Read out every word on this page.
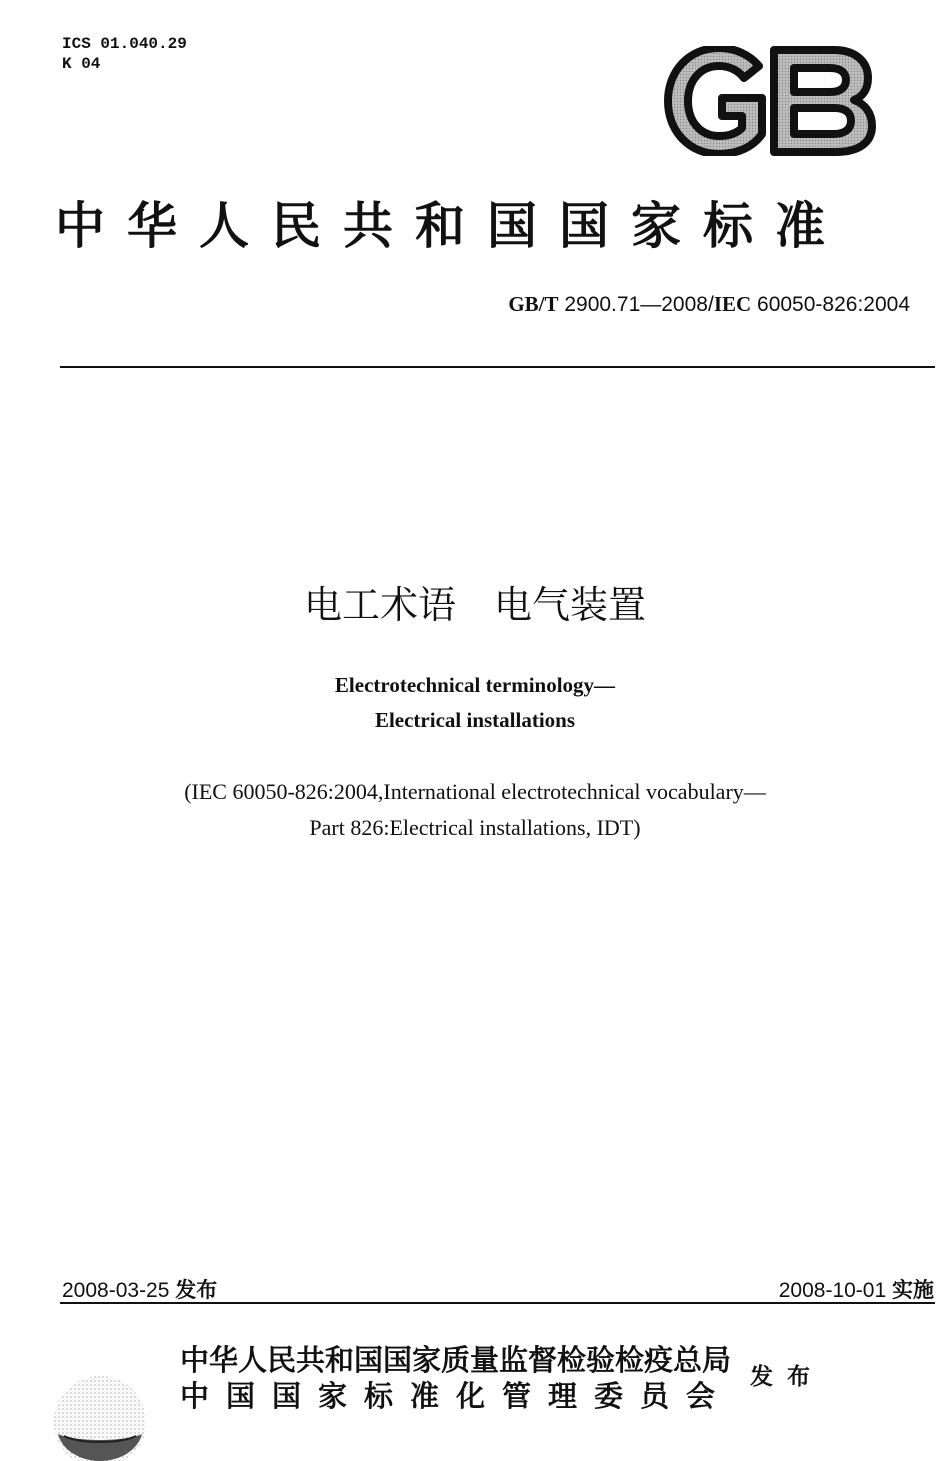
ICS 01.040.29
K 04
中华人民共和国国家标准
GB/T 2900.71—2008/IEC 60050-826:2004
电工术语　电气装置
Electrotechnical terminology—
Electrical installations
(IEC 60050-826:2004,International electrotechnical vocabulary—
Part 826:Electrical installations, IDT)
2008-03-25 发布	2008-10-01 实施
中华人民共和国国家质量监督检验检疫总局
中国国家标准化管理委员会
发布
